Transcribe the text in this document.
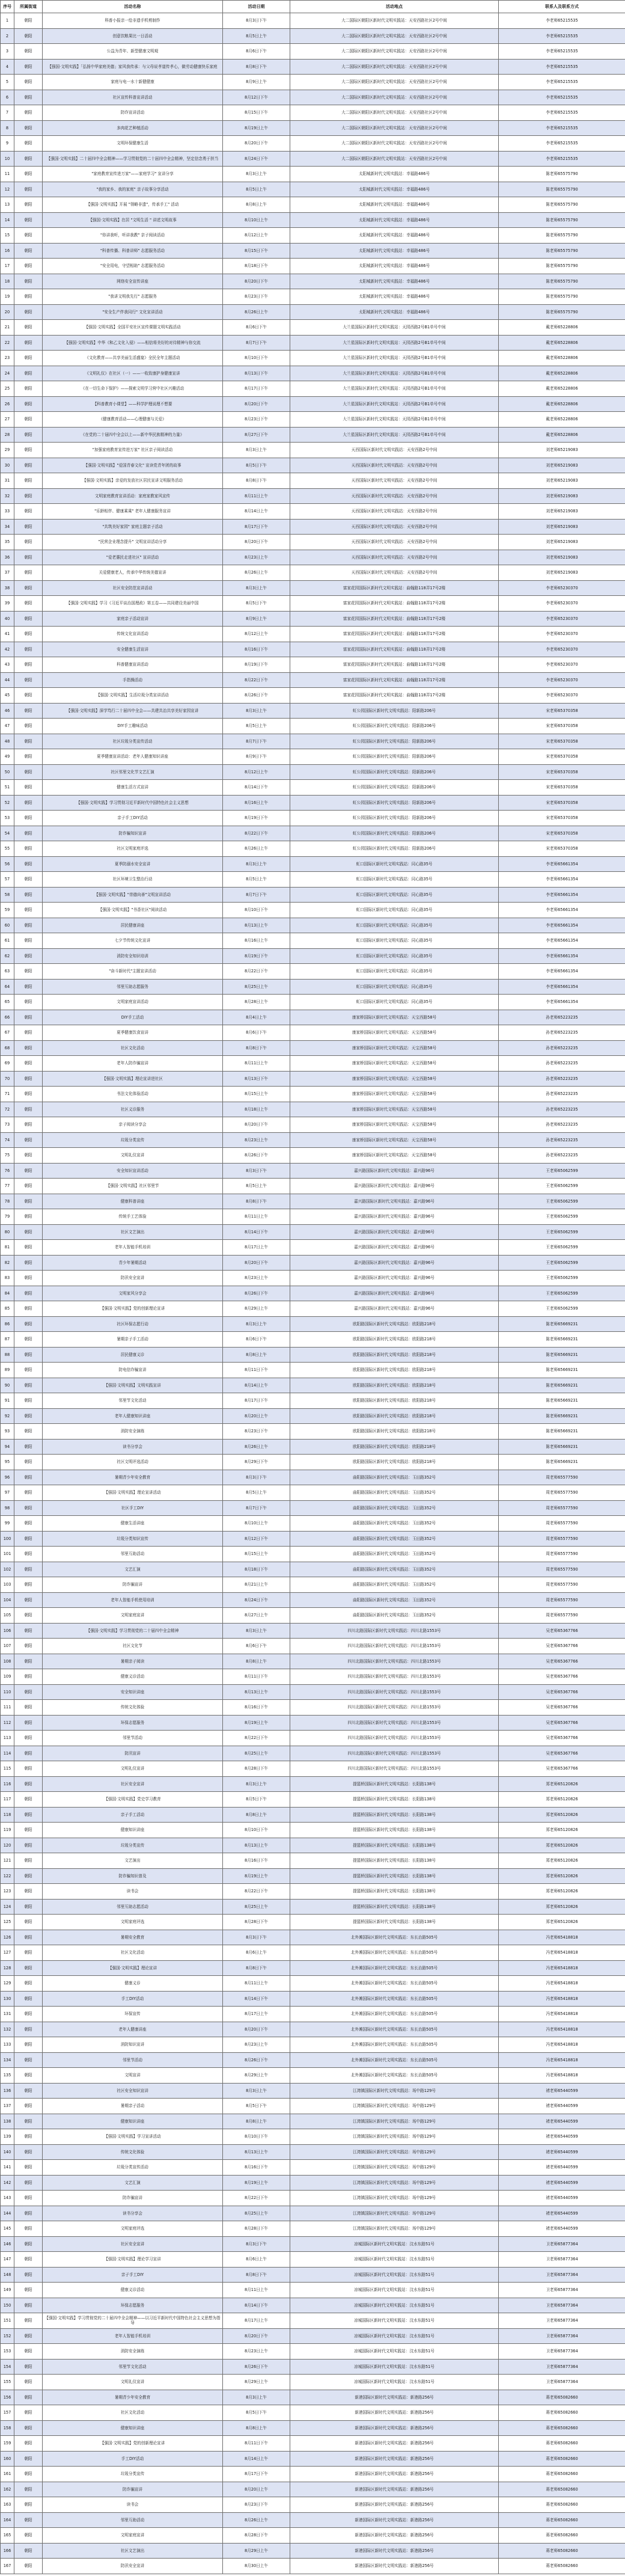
序号	所属街道	活动名称	活动日期	活动地点	联系人及联系方式
1	朝阳	科普小报亲一绘非遗手机剪制作	8月3日下午	大二国际区朝阳区新时代文明实践站：天安西路社区2号中间	李老师65215535
2	朝阳	创意饮粮果比一日活动	8月5日上午	大二国际区朝阳区新时代文明实践站：天安西路社区2号中间	李老师65215535
3	朝阳	公益为青年、新型健康文明观	8月6日下午	大二国际区朝阳区新时代文明实践站：天安西路社区2号中间	李老师65215535
4	朝阳	【强国·文明实践】「弘扬中华家庭美德」家风我传承：与父母说孝道传孝心，做劳动健康快乐家庭	8月8日下午	大二国际区朝阳区新时代文明实践站：天安西路社区2号中间	李老师65215535
5	朝阳	家庭与电一水十新健健康	8月9日上午	大二国际区朝阳区新时代文明实践站：天安西路社区2号中间	李老师65215535
6	朝阳	社区宣传科普宣讲活动	8月12日下午	大二国际区朝阳区新时代文明实践站：天安西路社区2号中间	李老师65215535
7	朝阳	防诈宣讲活动	8月15日下午	大二国际区朝阳区新时代文明实践站：天安西路社区2号中间	李老师65215535
8	朝阳	多肉花艺种植活动	8月19日上午	大二国际区朝阳区新时代文明实践站：天安西路社区2号中间	李老师65215535
9	朝阳	文明环保健康生活	8月20日下午	大二国际区朝阳区新时代文明实践站：天安西路社区2号中间	李老师65215535
10	朝阳	【强国·文明实践】二十届四中全会精神——学习贯彻党的二十届四中全会精神，坚定信念勇于担当	8月24日下午	大二国际区朝阳区新时代文明实践站：天安西路社区2号中间	李老师65215535
11	朝阳	"家庭教育宣传进万家"——家庭学习" 宣讲分享	8月3日上午	太阳城新时代文明实践站：幸福路486号	陈老师65575790
12	朝阳	"我的家乡、我的家庭" 亲子故事分享活动	8月5日上午	太阳城新时代文明实践站：幸福路486号	陈老师65575790
13	朝阳	【强国·文明实践】开展 "领略非遗"，传承手工" 活动	8月8日上午	太阳城新时代文明实践站：幸福路486号	陈老师65575790
14	朝阳	【强国·文明实践】在居 "文明生活 " 讲述文明故事	8月10日上午	太阳城新时代文明实践站：幸福路486号	陈老师65575790
15	朝阳	"你讲我听，听讲我教" 亲子阅读活动	8月12日上午	太阳城新时代文明实践站：幸福路486号	陈老师65575790
16	朝阳	"科普传播、科普讲师" 志愿服务活动	8月15日下午	太阳城新时代文明实践站：幸福路486号	陈老师65575790
17	朝阳	"安全用电，守望相助" 志愿服务活动	8月18日下午	太阳城新时代文明实践站：幸福路486号	陈老师65575790
18	朝阳	网络安全宣传讲座	8月20日下午	太阳城新时代文明实践站：幸福路486号	陈老师65575790
19	朝阳	"我讲文明我先行" 志愿服务	8月23日下午	太阳城新时代文明实践站：幸福路486号	陈老师65575790
20	朝阳	"安全生产伴我同行" 文化宣讲活动	8月26日上午	太阳城新时代文明实践站：幸福路486号	陈老师65575790
21	朝阳	【强国·文明实践】全国平安社区宣传课题文明实践活动	8月6日下午	大兰星国际区新时代文明实践站：天园西路2号B1单号中间	戴老师65228806
22	朝阳	【强国·文明实践】中华《和乙文化入侵》——相信将美好的对待精神与你交流	8月7日下午	大兰星国际区新时代文明实践站：天园西路2号B1单号中间	戴老师65228806
23	朝阳	《文化教育——共享美丽生活盛宴》全民全年主题活动	8月10日下午	大兰星国际区新时代文明实践站：天园西路2号B1单号中间	戴老师65228806
24	朝阳	《文明礼仪》在社区（一）——一收致康护身健康宣讲	8月13日下午	大兰星国际区新时代文明实践站：天园西路2号B1单号中间	戴老师65228806
25	朝阳	《在一切生命下保护》——探索文明学习营中社区兴趣活动	8月17日下午	大兰星国际区新时代文明实践站：天园西路2号B1单号中间	戴老师65228806
26	朝阳	【科普教育小课堂】——科学护理说理不想要	8月20日下午	大兰星国际区新时代文明实践站：天园西路2号B1单号中间	戴老师65228806
27	朝阳	《健康教育活动——心理健康与关爱》	8月23日下午	大兰星国际区新时代文明实践站：天园西路2号B1单号中间	戴老师65228806
28	朝阳	《在党的二十届四中全会以上——新中华民族精神的力量》	8月27日下午	大兰星国际区新时代文明实践站：天园西路2号B1单号中间	戴老师65228806
29	朝阳	"加强家庭教育宣传进万家" 社区亲子阅读活动	8月3日上午	天西国际区新时代文明实践站：天安西路2号中间	刘老师65219083
30	朝阳	【强国·文明实践】"爱国青春文化" 宣读党青年团的故事	8月5日下午	天西国际区新时代文明实践站：天安西路2号中间	刘老师65219083
31	朝阳	【强国·文明实践】亲爱的发放社区居民宣讲文明服务活动	8月8日下午	天西国际区新时代文明实践站：天安西路2号中间	刘老师65219083
32	朝阳	文明家庭教育宣讲活动：家庭家教家风宣传	8月11日上午	天西国际区新时代文明实践站：天安西路2号中间	刘老师65219083
33	朝阳	"乐龄相伴、健康乘乘" 老年人健康服务宣讲	8月14日上午	天西国际区新时代文明实践站：天安西路2号中间	刘老师65219083
34	朝阳	"共筑美好家园" 家庭主题亲子活动	8月17日下午	天西国际区新时代文明实践站：天安西路2号中间	刘老师65219083
35	朝阳	"民营企业理念提升" 文明宣讲活动分享	8月20日下午	天西国际区新时代文明实践站：天安西路2号中间	刘老师65219083
36	朝阳	"爱老惠民走进社区" 宣讲活动	8月23日上午	天西国际区新时代文明实践站：天安西路2号中间	刘老师65219083
37	朝阳	关爱健康老人，传承中华传统美德宣讲	8月26日上午	天西国际区新时代文明实践站：天安西路2号中间	刘老师65219083
38	朝阳	社区安全防范宣讲活动	8月3日上午	富家花园国际区新时代文明实践站：曲翰路118弄17号2楼	李老师65230370
39	朝阳	【强国·文明实践】学习《习近平谈治国理政》第五卷——共同建设美丽中国	8月5日下午	富家花园国际区新时代文明实践站：曲翰路118弄17号2楼	李老师65230370
40	朝阳	家庭亲子活动宣讲	8月9日上午	富家花园国际区新时代文明实践站：曲翰路118弄17号2楼	李老师65230370
41	朝阳	传统文化宣讲活动	8月12日上午	富家花园国际区新时代文明实践站：曲翰路118弄17号2楼	李老师65230370
42	朝阳	安全健康生活宣讲	8月16日下午	富家花园国际区新时代文明实践站：曲翰路118弄17号2楼	李老师65230370
43	朝阳	科普健康宣讲活动	8月19日下午	富家花园国际区新时代文明实践站：曲翰路118弄17号2楼	李老师65230370
44	朝阳	手指操活动	8月22日下午	富家花园国际区新时代文明实践站：曲翰路118弄17号2楼	李老师65230370
45	朝阳	【强国·文明实践】生活垃圾分类宣讲活动	8月26日下午	富家花园国际区新时代文明实践站：曲翰路118弄17号2楼	李老师65230370
46	朝阳	【强国·文明实践】深学笃行二十届四中全会——共建共治共享美好家园宣讲	8月3日上午	虹公园国际区新时代文明实践站：阳新路206号	宋老师65370358
47	朝阳	DIY手工趣味活动	8月5日上午	虹公园国际区新时代文明实践站：阳新路206号	宋老师65370358
48	朝阳	社区垃圾分类宣传活动	8月7日下午	虹公园国际区新时代文明实践站：阳新路206号	宋老师65370358
49	朝阳	夏季健康宣讲活动：老年人健康知识讲座	8月9日下午	虹公园国际区新时代文明实践站：阳新路206号	宋老师65370358
50	朝阳	社区邻里文化节文艺汇演	8月12日上午	虹公园国际区新时代文明实践站：阳新路206号	宋老师65370358
51	朝阳	健康生活方式宣讲	8月14日下午	虹公园国际区新时代文明实践站：阳新路206号	宋老师65370358
52	朝阳	【强国·文明实践】学习贯彻习近平新时代中国特色社会主义思想	8月16日上午	虹公园国际区新时代文明实践站：阳新路206号	宋老师65370358
53	朝阳	亲子手工DIY活动	8月19日下午	虹公园国际区新时代文明实践站：阳新路206号	宋老师65370358
54	朝阳	防诈骗知识宣讲	8月22日下午	虹公园国际区新时代文明实践站：阳新路206号	宋老师65370358
55	朝阳	社区文明家庭评选	8月26日上午	虹公园国际区新时代文明实践站：阳新路206号	宋老师65370358
56	朝阳	夏季防溺水安全宣讲	8月3日上午	虹口国际区新时代文明实践站：同心路35号	李老师65661354
57	朝阳	社区环境卫生整治行动	8月5日上午	虹口国际区新时代文明实践站：同心路35号	李老师65661354
58	朝阳	【强国·文明实践】"崇德向善"文明宣讲活动	8月7日下午	虹口国际区新时代文明实践站：同心路35号	李老师65661354
59	朝阳	【强国·文明实践】"书香社区"阅读活动	8月10日下午	虹口国际区新时代文明实践站：同心路35号	李老师65661354
60	朝阳	居民健康讲座	8月13日上午	虹口国际区新时代文明实践站：同心路35号	李老师65661354
61	朝阳	七夕节传统文化宣讲	8月16日上午	虹口国际区新时代文明实践站：同心路35号	李老师65661354
62	朝阳	消防安全知识培训	8月19日下午	虹口国际区新时代文明实践站：同心路35号	李老师65661354
63	朝阳	"奋斗新时代"主题宣讲活动	8月22日下午	虹口国际区新时代文明实践站：同心路35号	李老师65661354
64	朝阳	邻里互助志愿服务	8月25日上午	虹口国际区新时代文明实践站：同心路35号	李老师65661354
65	朝阳	文明家庭宣讲活动	8月28日上午	虹口国际区新时代文明实践站：同心路35号	李老师65661354
66	朝阳	DIY手工活动	8月4日上午	康家桥国际区新时代文明实践站：天宝西路58号	孙老师65223235
67	朝阳	夏季健康饮食宣讲	8月6日下午	康家桥国际区新时代文明实践站：天宝西路58号	孙老师65223235
68	朝阳	社区文化活动	8月8日下午	康家桥国际区新时代文明实践站：天宝西路58号	孙老师65223235
69	朝阳	老年人防诈骗宣讲	8月11日上午	康家桥国际区新时代文明实践站：天宝西路58号	孙老师65223235
70	朝阳	【强国·文明实践】理论宣讲进社区	8月13日下午	康家桥国际区新时代文明实践站：天宝西路58号	孙老师65223235
71	朝阳	书法文化体验活动	8月15日上午	康家桥国际区新时代文明实践站：天宝西路58号	孙老师65223235
72	朝阳	社区义诊服务	8月18日上午	康家桥国际区新时代文明实践站：天宝西路58号	孙老师65223235
73	朝阳	亲子阅读分享会	8月20日下午	康家桥国际区新时代文明实践站：天宝西路58号	孙老师65223235
74	朝阳	垃圾分类宣传	8月23日上午	康家桥国际区新时代文明实践站：天宝西路58号	孙老师65223235
75	朝阳	文明礼仪宣讲	8月26日下午	康家桥国际区新时代文明实践站：天宝西路58号	孙老师65223235
76	朝阳	安全知识宣讲活动	8月3日下午	嘉兴路国际区新时代文明实践站：嘉兴路96号	王老师65062599
77	朝阳	【强国·文明实践】社区邻里节	8月5日上午	嘉兴路国际区新时代文明实践站：嘉兴路96号	王老师65062599
78	朝阳	健康科普讲座	8月8日下午	嘉兴路国际区新时代文明实践站：嘉兴路96号	王老师65062599
79	朝阳	传统手工艺体验	8月11日上午	嘉兴路国际区新时代文明实践站：嘉兴路96号	王老师65062599
80	朝阳	社区文艺演出	8月14日下午	嘉兴路国际区新时代文明实践站：嘉兴路96号	王老师65062599
81	朝阳	老年人智能手机培训	8月17日上午	嘉兴路国际区新时代文明实践站：嘉兴路96号	王老师65062599
82	朝阳	青少年暑期活动	8月20日下午	嘉兴路国际区新时代文明实践站：嘉兴路96号	王老师65062599
83	朝阳	防汛安全宣讲	8月23日上午	嘉兴路国际区新时代文明实践站：嘉兴路96号	王老师65062599
84	朝阳	文明家风分享会	8月26日下午	嘉兴路国际区新时代文明实践站：嘉兴路96号	王老师65062599
85	朝阳	【强国·文明实践】党的创新理论宣讲	8月29日上午	嘉兴路国际区新时代文明实践站：嘉兴路96号	王老师65062599
86	朝阳	社区环保志愿行动	8月3日上午	欧阳路国际区新时代文明实践站：欧阳路218号	陈老师65669231
87	朝阳	暑期亲子手工活动	8月6日下午	欧阳路国际区新时代文明实践站：欧阳路218号	陈老师65669231
88	朝阳	居民健康义诊	8月8日上午	欧阳路国际区新时代文明实践站：欧阳路218号	陈老师65669231
89	朝阳	防电信诈骗宣讲	8月11日下午	欧阳路国际区新时代文明实践站：欧阳路218号	陈老师65669231
90	朝阳	【强国·文明实践】文明实践宣讲	8月14日上午	欧阳路国际区新时代文明实践站：欧阳路218号	陈老师65669231
91	朝阳	邻里节文化活动	8月17日下午	欧阳路国际区新时代文明实践站：欧阳路218号	陈老师65669231
92	朝阳	老年人健康知识讲座	8月20日上午	欧阳路国际区新时代文明实践站：欧阳路218号	陈老师65669231
93	朝阳	消防安全演练	8月23日下午	欧阳路国际区新时代文明实践站：欧阳路218号	陈老师65669231
94	朝阳	读书分享会	8月26日上午	欧阳路国际区新时代文明实践站：欧阳路218号	陈老师65669231
95	朝阳	社区文明评选活动	8月29日下午	欧阳路国际区新时代文明实践站：欧阳路218号	陈老师65669231
96	朝阳	暑期青少年安全教育	8月3日下午	曲阳路国际区新时代文明实践站：玉田路352号	周老师65577590
97	朝阳	【强国·文明实践】理论宣讲活动	8月5日上午	曲阳路国际区新时代文明实践站：玉田路352号	周老师65577590
98	朝阳	社区手工DIY	8月7日下午	曲阳路国际区新时代文明实践站：玉田路352号	周老师65577590
99	朝阳	健康生活讲座	8月10日上午	曲阳路国际区新时代文明实践站：玉田路352号	周老师65577590
100	朝阳	垃圾分类知识宣传	8月12日下午	曲阳路国际区新时代文明实践站：玉田路352号	周老师65577590
101	朝阳	邻里互助活动	8月15日上午	曲阳路国际区新时代文明实践站：玉田路352号	周老师65577590
102	朝阳	文艺汇演	8月18日下午	曲阳路国际区新时代文明实践站：玉田路352号	周老师65577590
103	朝阳	防诈骗宣讲	8月21日上午	曲阳路国际区新时代文明实践站：玉田路352号	周老师65577590
104	朝阳	老年人智能手机使用培训	8月24日下午	曲阳路国际区新时代文明实践站：玉田路352号	周老师65577590
105	朝阳	文明家庭宣讲	8月27日上午	曲阳路国际区新时代文明实践站：玉田路352号	周老师65577590
106	朝阳	【强国·文明实践】学习贯彻党的二十届四中全会精神	8月3日上午	四川北路国际区新时代文明实践站：四川北路1553号	吴老师65367766
107	朝阳	社区文化节	8月6日下午	四川北路国际区新时代文明实践站：四川北路1553号	吴老师65367766
108	朝阳	暑期亲子阅读	8月8日上午	四川北路国际区新时代文明实践站：四川北路1553号	吴老师65367766
109	朝阳	健康义诊活动	8月11日下午	四川北路国际区新时代文明实践站：四川北路1553号	吴老师65367766
110	朝阳	安全知识讲座	8月13日上午	四川北路国际区新时代文明实践站：四川北路1553号	吴老师65367766
111	朝阳	传统文化体验	8月16日下午	四川北路国际区新时代文明实践站：四川北路1553号	吴老师65367766
112	朝阳	环保志愿服务	8月19日上午	四川北路国际区新时代文明实践站：四川北路1553号	吴老师65367766
113	朝阳	邻里节活动	8月22日下午	四川北路国际区新时代文明实践站：四川北路1553号	吴老师65367766
114	朝阳	防汛宣讲	8月25日上午	四川北路国际区新时代文明实践站：四川北路1553号	吴老师65367766
115	朝阳	文明礼仪宣讲	8月28日下午	四川北路国际区新时代文明实践站：四川北路1553号	吴老师65367766
116	朝阳	社区安全宣讲	8月3日上午	提篮桥国际区新时代文明实践站：长阳路138号	郑老师65120826
117	朝阳	【强国·文明实践】党史学习教育	8月5日下午	提篮桥国际区新时代文明实践站：长阳路138号	郑老师65120826
118	朝阳	亲子手工活动	8月8日上午	提篮桥国际区新时代文明实践站：长阳路138号	郑老师65120826
119	朝阳	健康知识讲座	8月10日下午	提篮桥国际区新时代文明实践站：长阳路138号	郑老师65120826
120	朝阳	垃圾分类宣传	8月13日上午	提篮桥国际区新时代文明实践站：长阳路138号	郑老师65120826
121	朝阳	文艺演出	8月16日下午	提篮桥国际区新时代文明实践站：长阳路138号	郑老师65120826
122	朝阳	防诈骗知识普及	8月19日上午	提篮桥国际区新时代文明实践站：长阳路138号	郑老师65120826
123	朝阳	读书会	8月22日下午	提篮桥国际区新时代文明实践站：长阳路138号	郑老师65120826
124	朝阳	邻里互助志愿活动	8月25日上午	提篮桥国际区新时代文明实践站：长阳路138号	郑老师65120826
125	朝阳	文明家庭评选	8月28日下午	提篮桥国际区新时代文明实践站：长阳路138号	郑老师65120826
126	朝阳	暑期安全教育	8月3日下午	北外滩国际区新时代文明实践站：东长治路505号	冯老师65418818
127	朝阳	社区文化活动	8月6日上午	北外滩国际区新时代文明实践站：东长治路505号	冯老师65418818
128	朝阳	【强国·文明实践】理论宣讲	8月8日下午	北外滩国际区新时代文明实践站：东长治路505号	冯老师65418818
129	朝阳	健康义诊	8月11日上午	北外滩国际区新时代文明实践站：东长治路505号	冯老师65418818
130	朝阳	手工DIY活动	8月14日下午	北外滩国际区新时代文明实践站：东长治路505号	冯老师65418818
131	朝阳	环保宣传	8月17日上午	北外滩国际区新时代文明实践站：东长治路505号	冯老师65418818
132	朝阳	老年人健康讲座	8月20日下午	北外滩国际区新时代文明实践站：东长治路505号	冯老师65418818
133	朝阳	消防知识宣讲	8月23日上午	北外滩国际区新时代文明实践站：东长治路505号	冯老师65418818
134	朝阳	邻里节活动	8月26日下午	北外滩国际区新时代文明实践站：东长治路505号	冯老师65418818
135	朝阳	文明宣讲	8月29日上午	北外滩国际区新时代文明实践站：东长治路505号	冯老师65418818
136	朝阳	社区安全知识宣讲	8月3日上午	江湾镇国际区新时代文明实践站：场中路129号	褚老师65440599
137	朝阳	暑期亲子活动	8月5日下午	江湾镇国际区新时代文明实践站：场中路129号	褚老师65440599
138	朝阳	健康知识讲座	8月8日上午	江湾镇国际区新时代文明实践站：场中路129号	褚老师65440599
139	朝阳	【强国·文明实践】学习宣讲活动	8月10日下午	江湾镇国际区新时代文明实践站：场中路129号	褚老师65440599
140	朝阳	传统文化体验	8月13日上午	江湾镇国际区新时代文明实践站：场中路129号	褚老师65440599
141	朝阳	垃圾分类宣传活动	8月16日下午	江湾镇国际区新时代文明实践站：场中路129号	褚老师65440599
142	朝阳	文艺汇演	8月19日上午	江湾镇国际区新时代文明实践站：场中路129号	褚老师65440599
143	朝阳	防诈骗宣讲	8月22日下午	江湾镇国际区新时代文明实践站：场中路129号	褚老师65440599
144	朝阳	读书分享会	8月25日上午	江湾镇国际区新时代文明实践站：场中路129号	褚老师65440599
145	朝阳	文明家庭评选	8月28日下午	江湾镇国际区新时代文明实践站：场中路129号	褚老师65440599
146	朝阳	社区安全宣讲	8月3日下午	凉城国际区新时代文明实践站：汶水东路51号	卫老师65877364
147	朝阳	【强国·文明实践】理论学习宣讲	8月6日上午	凉城国际区新时代文明实践站：汶水东路51号	卫老师65877364
148	朝阳	亲子手工DIY	8月8日下午	凉城国际区新时代文明实践站：汶水东路51号	卫老师65877364
149	朝阳	健康义诊活动	8月11日上午	凉城国际区新时代文明实践站：汶水东路51号	卫老师65877364
150	朝阳	环保志愿服务	8月14日下午	凉城国际区新时代文明实践站：汶水东路51号	卫老师65877364
151	朝阳	【强国·文明实践】学习贯彻党的二十届四中全会精神——以习近平新时代中国特色社会主义思想为指导	8月17日上午	凉城国际区新时代文明实践站：汶水东路51号	卫老师65877364
152	朝阳	老年人智能手机培训	8月20日下午	凉城国际区新时代文明实践站：汶水东路51号	卫老师65877364
153	朝阳	消防安全演练	8月23日上午	凉城国际区新时代文明实践站：汶水东路51号	卫老师65877364
154	朝阳	邻里节文化活动	8月26日下午	凉城国际区新时代文明实践站：汶水东路51号	卫老师65877364
155	朝阳	文明礼仪宣讲	8月29日上午	凉城国际区新时代文明实践站：汶水东路51号	卫老师65877364
156	朝阳	暑期青少年安全教育	8月3日上午	新港国际区新时代文明实践站：新港路256号	蒋老师65082660
157	朝阳	社区文化活动	8月5日下午	新港国际区新时代文明实践站：新港路256号	蒋老师65082660
158	朝阳	健康知识讲座	8月8日上午	新港国际区新时代文明实践站：新港路256号	蒋老师65082660
159	朝阳	【强国·文明实践】党的创新理论宣讲	8月11日下午	新港国际区新时代文明实践站：新港路256号	蒋老师65082660
160	朝阳	手工DIY活动	8月14日上午	新港国际区新时代文明实践站：新港路256号	蒋老师65082660
161	朝阳	垃圾分类宣传	8月17日下午	新港国际区新时代文明实践站：新港路256号	蒋老师65082660
162	朝阳	防诈骗宣讲	8月20日上午	新港国际区新时代文明实践站：新港路256号	蒋老师65082660
163	朝阳	读书会	8月23日下午	新港国际区新时代文明实践站：新港路256号	蒋老师65082660
164	朝阳	邻里互助活动	8月26日上午	新港国际区新时代文明实践站：新港路256号	蒋老师65082660
165	朝阳	文明家庭宣讲	8月28日下午	新港国际区新时代文明实践站：新港路256号	蒋老师65082660
166	朝阳	社区文艺演出	8月29日上午	新港国际区新时代文明实践站：新港路256号	蒋老师65082660
167	朝阳	防汛安全宣讲	8月30日上午	新港国际区新时代文明实践站：新港路256号	蒋老师65082660
